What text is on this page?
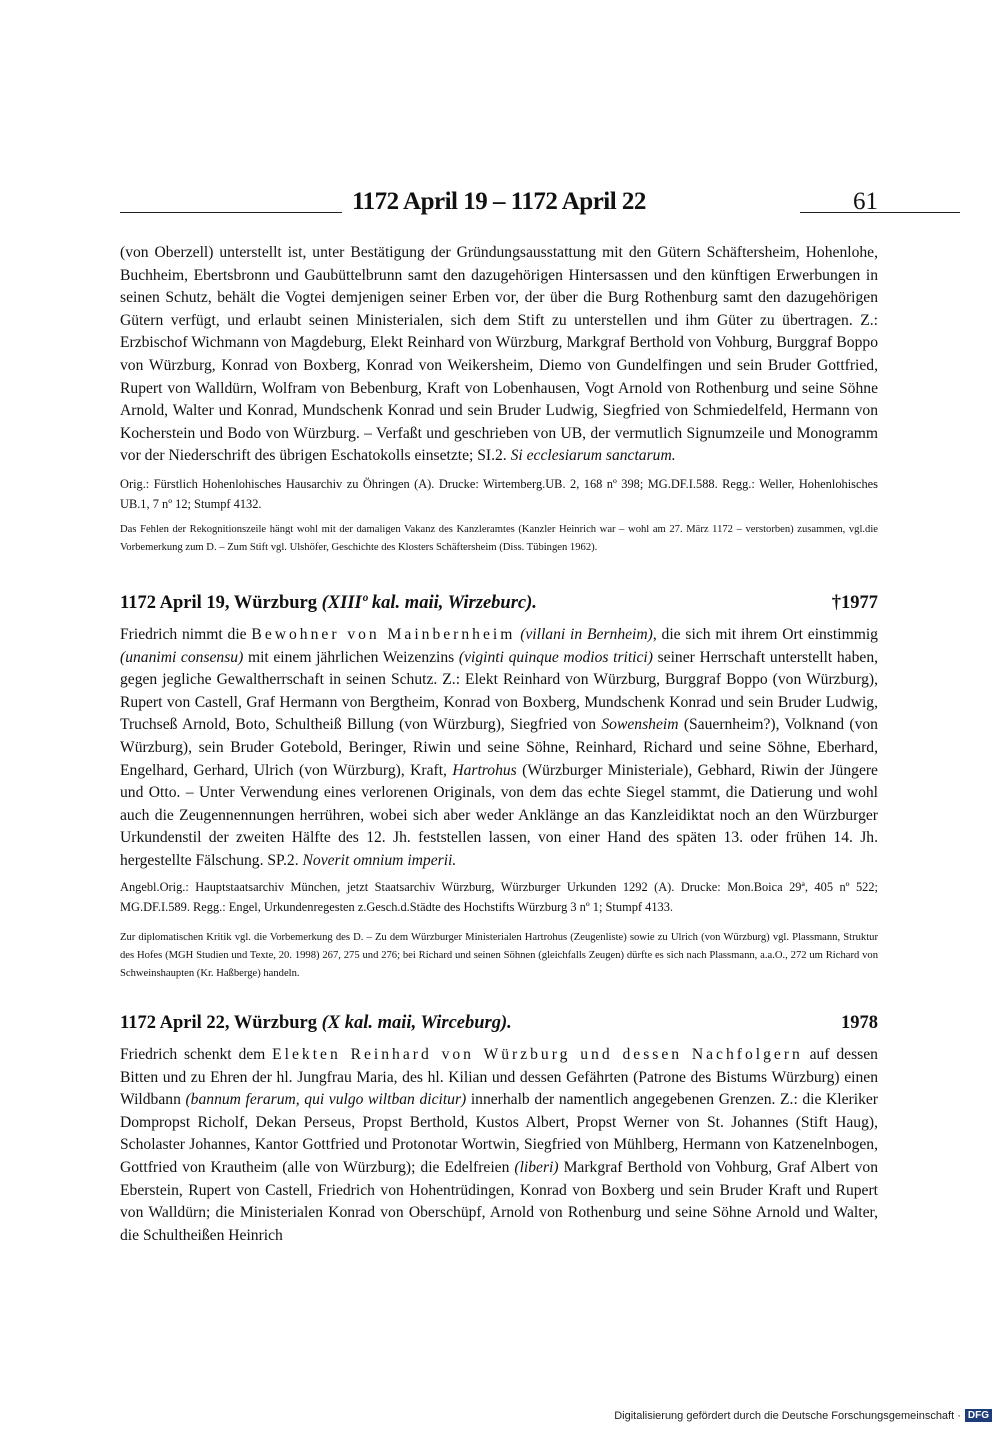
1172 April 19 – 1172 April 22	61
(von Oberzell) unterstellt ist, unter Bestätigung der Gründungsausstattung mit den Gütern Schäftersheim, Hohenlohe, Buchheim, Ebertsbronn und Gaubüttelbrunn samt den dazugehörigen Hintersassen und den künftigen Erwerbungen in seinen Schutz, behält die Vogtei demjenigen seiner Erben vor, der über die Burg Rothenburg samt den dazugehörigen Gütern verfügt, und erlaubt seinen Ministerialen, sich dem Stift zu unterstellen und ihm Güter zu übertragen. Z.: Erzbischof Wichmann von Magdeburg, Elekt Reinhard von Würzburg, Markgraf Berthold von Vohburg, Burggraf Boppo von Würzburg, Konrad von Boxberg, Konrad von Weikersheim, Diemo von Gundelfingen und sein Bruder Gottfried, Rupert von Walldürn, Wolfram von Bebenburg, Kraft von Lobenhausen, Vogt Arnold von Rothenburg und seine Söhne Arnold, Walter und Konrad, Mundschenk Konrad und sein Bruder Ludwig, Siegfried von Schmiedelfeld, Hermann von Kocherstein und Bodo von Würzburg. – Verfaßt und geschrieben von UB, der vermutlich Signumzeile und Monogramm vor der Niederschrift des übrigen Eschatokolls einsetzte; SI.2. Si ecclesiarum sanctarum.
Orig.: Fürstlich Hohenlohisches Hausarchiv zu Öhringen (A). Drucke: Wirtemberg.UB. 2, 168 nº 398; MG.DF.I.588. Regg.: Weller, Hohenlohisches UB.1, 7 nº 12; Stumpf 4132.
Das Fehlen der Rekognitionszeile hängt wohl mit der damaligen Vakanz des Kanzleramtes (Kanzler Heinrich war – wohl am 27. März 1172 – verstorben) zusammen, vgl.die Vorbemerkung zum D. – Zum Stift vgl. Ulshöfer, Geschichte des Klosters Schäftersheim (Diss. Tübingen 1962).
1172 April 19, Würzburg (XIIIº kal. maii, Wirzeburc).	†1977
Friedrich nimmt die Bewohner von Mainbernheim (villani in Bernheim), die sich mit ihrem Ort einstimmig (unanimi consensu) mit einem jährlichen Weizenzins (viginti quinque modios tritici) seiner Herrschaft unterstellt haben, gegen jegliche Gewaltherrschaft in seinen Schutz. Z.: Elekt Reinhard von Würzburg, Burggraf Boppo (von Würzburg), Rupert von Castell, Graf Hermann von Bergtheim, Konrad von Boxberg, Mundschenk Konrad und sein Bruder Ludwig, Truchseß Arnold, Boto, Schultheiß Billung (von Würzburg), Siegfried von Sowensheim (Sauernheim?), Volknand (von Würzburg), sein Bruder Gotebold, Beringer, Riwin und seine Söhne, Reinhard, Richard und seine Söhne, Eberhard, Engelhard, Gerhard, Ulrich (von Würzburg), Kraft, Hartrohus (Würzburger Ministeriale), Gebhard, Riwin der Jüngere und Otto. – Unter Verwendung eines verlorenen Originals, von dem das echte Siegel stammt, die Datierung und wohl auch die Zeugennennungen herrühren, wobei sich aber weder Anklänge an das Kanzleidiktat noch an den Würzburger Urkundenstil der zweiten Hälfte des 12. Jh. feststellen lassen, von einer Hand des späten 13. oder frühen 14. Jh. hergestellte Fälschung. SP.2. Noverit omnium imperii.
Angebl.Orig.: Hauptstaatsarchiv München, jetzt Staatsarchiv Würzburg, Würzburger Urkunden 1292 (A). Drucke: Mon.Boica 29ª, 405 nº 522; MG.DF.I.589. Regg.: Engel, Urkundenregesten z.Gesch.d.Städte des Hochstifts Würzburg 3 nº 1; Stumpf 4133.
Zur diplomatischen Kritik vgl. die Vorbemerkung des D. – Zu dem Würzburger Ministerialen Hartrohus (Zeugenliste) sowie zu Ulrich (von Würzburg) vgl. Plassmann, Struktur des Hofes (MGH Studien und Texte, 20. 1998) 267, 275 und 276; bei Richard und seinen Söhnen (gleichfalls Zeugen) dürfte es sich nach Plassmann, a.a.O., 272 um Richard von Schweinshaupten (Kr. Haßberge) handeln.
1172 April 22, Würzburg (X kal. maii, Wirceburg).	1978
Friedrich schenkt dem Elekten Reinhard von Würzburg und dessen Nachfolgern auf dessen Bitten und zu Ehren der hl. Jungfrau Maria, des hl. Kilian und dessen Gefährten (Patrone des Bistums Würzburg) einen Wildbann (bannum ferarum, qui vulgo wiltban dicitur) innerhalb der namentlich angegebenen Grenzen. Z.: die Kleriker Dompropst Richolf, Dekan Perseus, Propst Berthold, Kustos Albert, Propst Werner von St. Johannes (Stift Haug), Scholaster Johannes, Kantor Gottfried und Protonotar Wortwin, Siegfried von Mühlberg, Hermann von Katzenelnbogen, Gottfried von Krautheim (alle von Würzburg); die Edelfreien (liberi) Markgraf Berthold von Vohburg, Graf Albert von Eberstein, Rupert von Castell, Friedrich von Hohentrüdingen, Konrad von Boxberg und sein Bruder Kraft und Rupert von Walldürn; die Ministerialen Konrad von Oberschüpf, Arnold von Rothenburg und seine Söhne Arnold und Walter, die Schultheißen Heinrich
Digitalisierung gefördert durch die Deutsche Forschungsgemeinschaft · DFG
